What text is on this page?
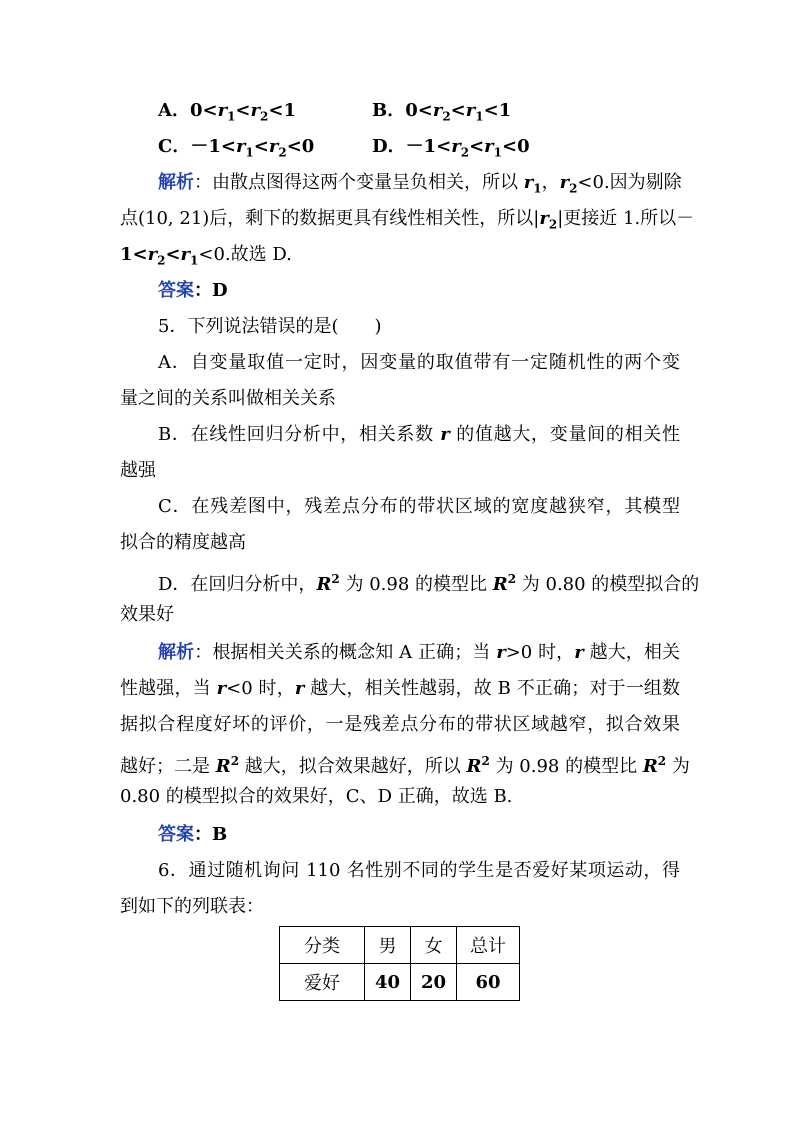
A．$0<r_1<r_2<1$	B．$0<r_2<r_1<1$
C．$-1<r_1<r_2<0$	D．$-1<r_2<r_1<0$
解析：由散点图得这两个变量呈负相关，所以 $r_1$，$r_2<0$.因为剔除
点(10, 21)后，剩下的数据更具有线性相关性，所以$|r_2|$更接近 1.所以－
$1<r_2<r_1<0$.故选 D.
答案：D
5．下列说法错误的是(　　)
A．自变量取值一定时，因变量的取值带有一定随机性的两个变
量之间的关系叫做相关关系
B．在线性回归分析中，相关系数 r 的值越大，变量间的相关性
越强
C．在残差图中，残差点分布的带状区域的宽度越狭窄，其模型
拟合的精度越高
D．在回归分析中，$R^2$ 为 0.98 的模型比 $R^2$ 为 0.80 的模型拟合的
效果好
解析：根据相关关系的概念知 A 正确；当 r>0 时，r 越大，相关
性越强，当 r<0 时，r 越大，相关性越弱，故 B 不正确；对于一组数
据拟合程度好坏的评价，一是残差点分布的带状区域越窄，拟合效果
越好；二是 $R^2$ 越大，拟合效果越好，所以 $R^2$ 为 0.98 的模型比 $R^2$ 为
0.80 的模型拟合的效果好，C、D 正确，故选 B.
答案：B
6．通过随机询问 110 名性别不同的学生是否爱好某项运动，得
到如下的列联表：
分类	男	女	总计
爱好	40	20	60
